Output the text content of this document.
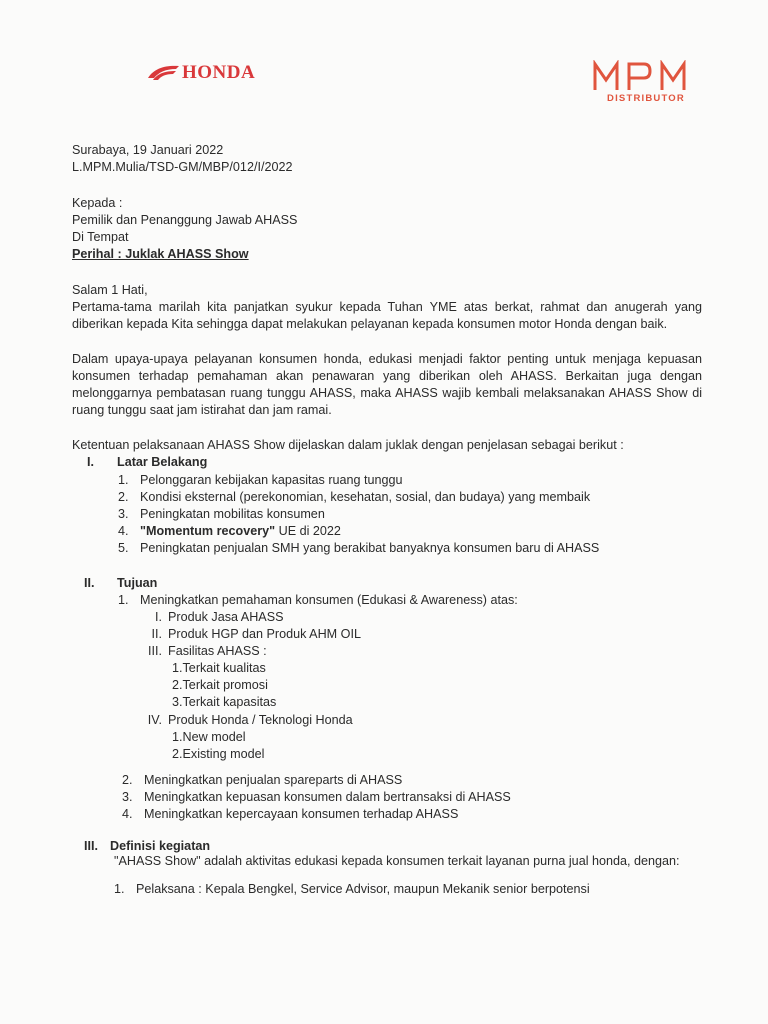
HONDA
DISTRIBUTOR
Surabaya, 19 Januari 2022
L.MPM.Mulia/TSD-GM/MBP/012/I/2022
Kepada :
Pemilik dan Penanggung Jawab AHASS
Di Tempat
Perihal : Juklak AHASS Show
Salam 1 Hati,
Pertama-tama marilah kita panjatkan syukur kepada Tuhan YME atas berkat, rahmat dan anugerah yang
diberikan kepada Kita sehingga dapat melakukan pelayanan kepada konsumen motor Honda dengan baik.
Dalam upaya-upaya pelayanan konsumen honda, edukasi menjadi faktor penting untuk menjaga kepuasan
konsumen terhadap pemahaman akan penawaran yang diberikan oleh AHASS. Berkaitan juga dengan
melonggarnya pembatasan ruang tunggu AHASS, maka AHASS wajib kembali melaksanakan AHASS Show di
ruang tunggu saat jam istirahat dan jam ramai.
Ketentuan pelaksanaan AHASS Show dijelaskan dalam juklak dengan penjelasan sebagai berikut :
I. Latar Belakang
1. Pelonggaran kebijakan kapasitas ruang tunggu
2. Kondisi eksternal (perekonomian, kesehatan, sosial, dan budaya) yang membaik
3. Peningkatan mobilitas konsumen
4. "Momentum recovery" UE di 2022
5. Peningkatan penjualan SMH yang berakibat banyaknya konsumen baru di AHASS
II. Tujuan
1. Meningkatkan pemahaman konsumen (Edukasi & Awareness) atas:
I. Produk Jasa AHASS
II. Produk HGP dan Produk AHM OIL
III. Fasilitas AHASS :
1.Terkait kualitas
2.Terkait promosi
3.Terkait kapasitas
IV. Produk Honda / Teknologi Honda
1.New model
2.Existing model
2. Meningkatkan penjualan spareparts di AHASS
3. Meningkatkan kepuasan konsumen dalam bertransaksi di AHASS
4. Meningkatkan kepercayaan konsumen terhadap AHASS
III. Definisi kegiatan
"AHASS Show" adalah aktivitas edukasi kepada konsumen terkait layanan purna jual honda, dengan:
1. Pelaksana : Kepala Bengkel, Service Advisor, maupun Mekanik senior berpotensi
